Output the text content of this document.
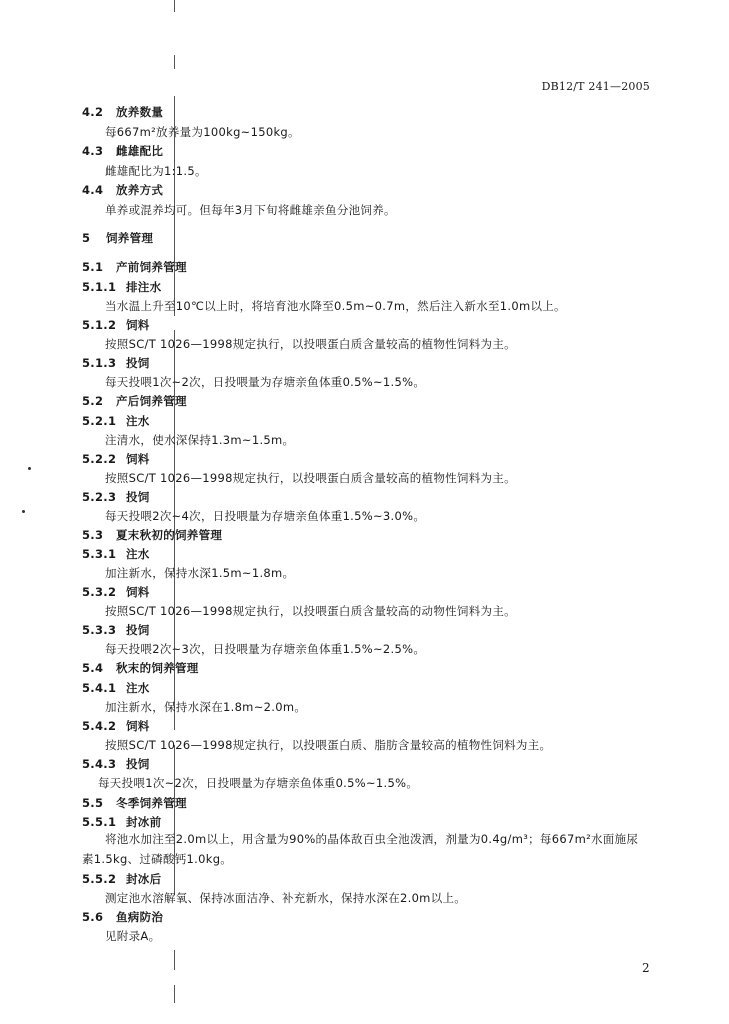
DB12/T 241—2005
4.2 放养数量
每667m²放养量为100kg~150kg。
4.3 雌雄配比
雌雄配比为1:1.5。
4.4 放养方式
单养或混养均可。但每年3月下旬将雌雄亲鱼分池饲养。
5 饲养管理
5.1 产前饲养管理
5.1.1 排注水
当水温上升至10℃以上时，将培育池水降至0.5m~0.7m，然后注入新水至1.0m以上。
5.1.2 饲料
按照SC/T 1026—1998规定执行，以投喂蛋白质含量较高的植物性饲料为主。
5.1.3 投饲
每天投喂1次~2次，日投喂量为存塘亲鱼体重0.5%~1.5%。
5.2 产后饲养管理
5.2.1 注水
注清水，使水深保持1.3m~1.5m。
5.2.2 饲料
按照SC/T 1026—1998规定执行，以投喂蛋白质含量较高的植物性饲料为主。
5.2.3 投饲
每天投喂2次~4次，日投喂量为存塘亲鱼体重1.5%~3.0%。
5.3 夏末秋初的饲养管理
5.3.1 注水
加注新水，保持水深1.5m~1.8m。
5.3.2 饲料
按照SC/T 1026—1998规定执行，以投喂蛋白质含量较高的动物性饲料为主。
5.3.3 投饲
每天投喂2次~3次，日投喂量为存塘亲鱼体重1.5%~2.5%。
5.4 秋末的饲养管理
5.4.1 注水
加注新水，保持水深在1.8m~2.0m。
5.4.2 饲料
按照SC/T 1026—1998规定执行，以投喂蛋白质、脂肪含量较高的植物性饲料为主。
5.4.3 投饲
每天投喂1次~2次，日投喂量为存塘亲鱼体重0.5%~1.5%。
5.5 冬季饲养管理
5.5.1 封冰前
将池水加注至2.0m以上，用含量为90%的晶体敌百虫全池泼洒，剂量为0.4g/m³；每667m²水面施尿素1.5kg、过磷酸钙1.0kg。
5.5.2 封冰后
测定池水溶解氧、保持冰面洁净、补充新水，保持水深在2.0m以上。
5.6 鱼病防治
见附录A。
2
